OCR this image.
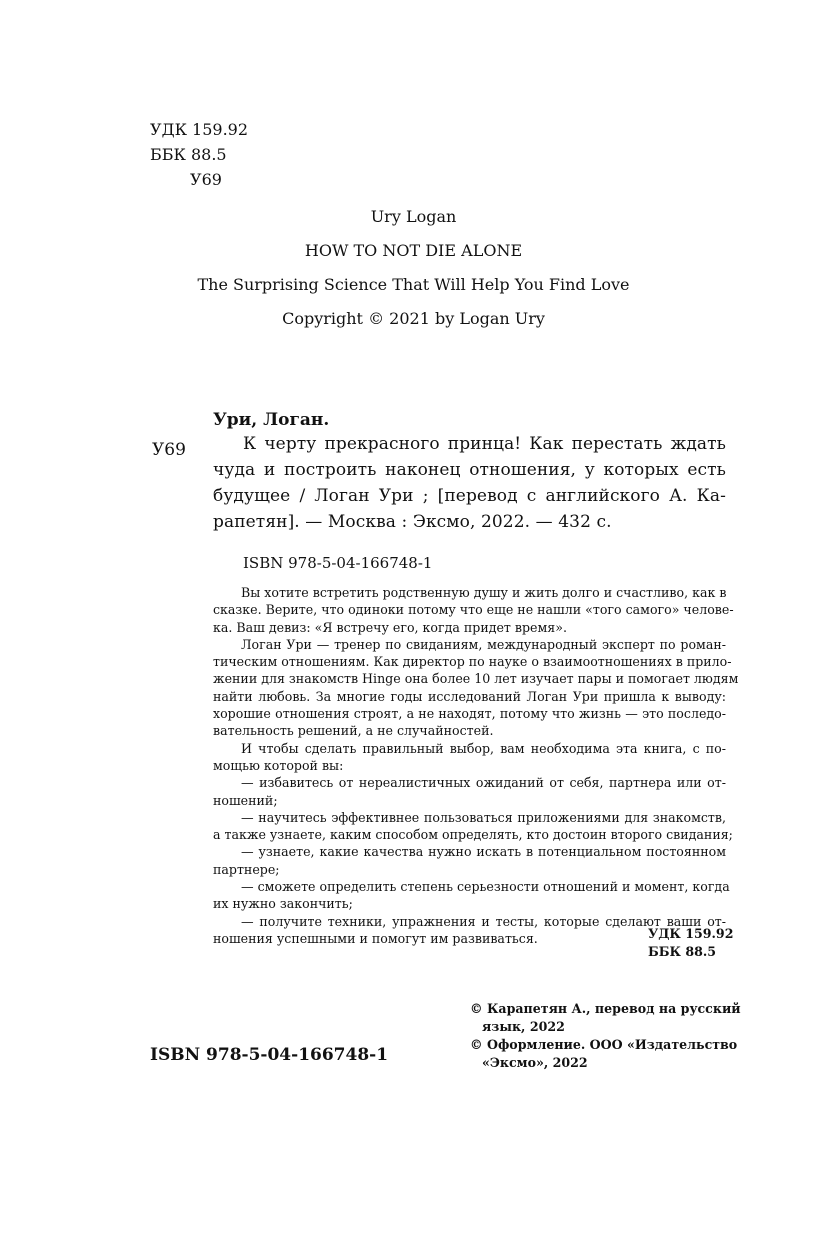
УДК 159.92
ББК 88.5
У69
Ury Logan
HOW TO NOT DIE ALONE
The Surprising Science That Will Help You Find Love
Copyright © 2021 by Logan Ury
Ури, Логан.
У69	К черту прекрасного принца! Как перестать ждать
чуда и построить наконец отношения, у которых есть
будущее / Логан Ури ; [перевод с английского А. Ка-
рапетян]. — Москва : Эксмо, 2022. — 432 с.
ISBN 978-5-04-166748-1

Вы хотите встретить родственную душу и жить долго и счастливо, как в
сказке. Верите, что одиноки потому что еще не нашли «того самого» челове-
ка. Ваш девиз: «Я встречу его, когда придет время».

Логан Ури — тренер по свиданиям, международный эксперт по роман-
тическим отношениям. Как директор по науке о взаимоотношениях в прило-
жении для знакомств Hinge она более 10 лет изучает пары и помогает людям
найти любовь. За многие годы исследований Логан Ури пришла к выводу:
хорошие отношения строят, а не находят, потому что жизнь — это последо-
вательность решений, а не случайностей.

И чтобы сделать правильный выбор, вам необходима эта книга, с по-
мощью которой вы:

— избавитесь от нереалистичных ожиданий от себя, партнера или от-
ношений;

— научитесь эффективнее пользоваться приложениями для знакомств,
а также узнаете, каким способом определять, кто достоин второго свидания;

— узнаете, какие качества нужно искать в потенциальном постоянном
партнере;

— сможете определить степень серьезности отношений и момент, когда
их нужно закончить;

— получите техники, упражнения и тесты, которые сделают ваши от-
ношения успешными и помогут им развиваться.	УДК 159.92
ББК 88.5
© Карапетян А., перевод на русский
язык, 2022
© Оформление. ООО «Издательство
«Эксмо», 2022
ISBN 978-5-04-166748-1
